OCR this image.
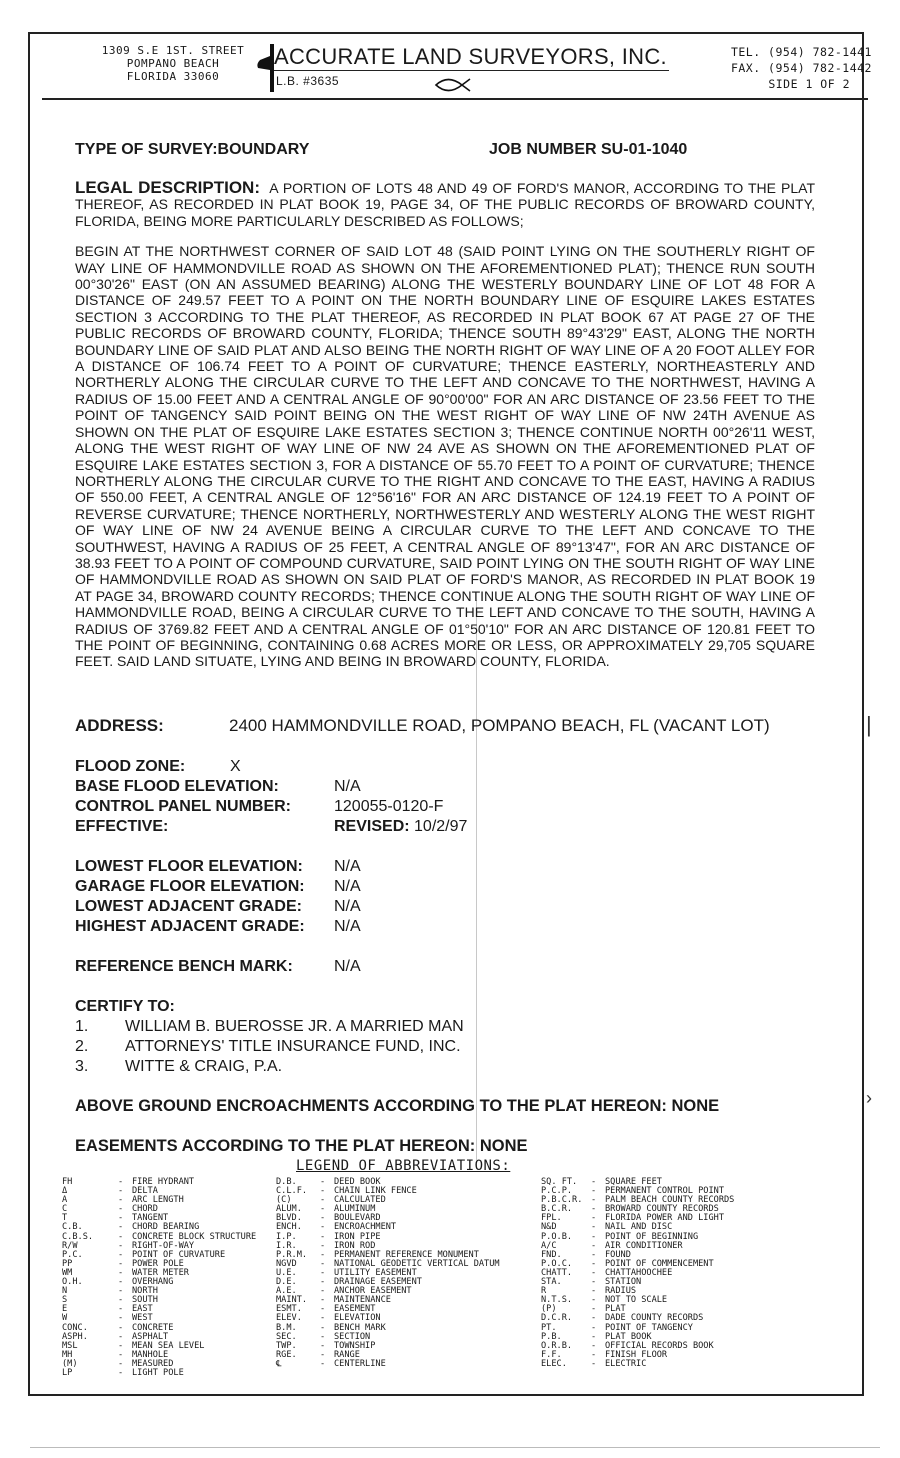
|
›
1309 S.E 1ST. STREET
POMPANO BEACH
FLORIDA 33060
ACCURATE LAND SURVEYORS, INC.
L.B. #3635
TEL. (954) 782-1441
FAX. (954) 782-1442
SIDE 1 OF 2
TYPE OF SURVEY:BOUNDARY	JOB NUMBER SU-01-1040

LEGAL DESCRIPTION: A PORTION OF LOTS 48 AND 49 OF FORD'S MANOR, ACCORDING TO THE PLAT THEREOF, AS RECORDED IN PLAT BOOK 19, PAGE 34, OF THE PUBLIC RECORDS OF BROWARD COUNTY, FLORIDA, BEING MORE PARTICULARLY DESCRIBED AS FOLLOWS;

BEGIN AT THE NORTHWEST CORNER OF SAID LOT 48 (SAID POINT LYING ON THE SOUTHERLY RIGHT OF WAY LINE OF HAMMONDVILLE ROAD AS SHOWN ON THE AFOREMENTIONED PLAT); THENCE RUN SOUTH 00°30'26" EAST (ON AN ASSUMED BEARING) ALONG THE WESTERLY BOUNDARY LINE OF LOT 48 FOR A DISTANCE OF 249.57 FEET TO A POINT ON THE NORTH BOUNDARY LINE OF ESQUIRE LAKES ESTATES SECTION 3 ACCORDING TO THE PLAT THEREOF, AS RECORDED IN PLAT BOOK 67 AT PAGE 27 OF THE PUBLIC RECORDS OF BROWARD COUNTY, FLORIDA; THENCE SOUTH 89°43'29" EAST, ALONG THE NORTH BOUNDARY LINE OF SAID PLAT AND ALSO BEING THE NORTH RIGHT OF WAY LINE OF A 20 FOOT ALLEY FOR A DISTANCE OF 106.74 FEET TO A POINT OF CURVATURE; THENCE EASTERLY, NORTHEASTERLY AND NORTHERLY ALONG THE CIRCULAR CURVE TO THE LEFT AND CONCAVE TO THE NORTHWEST, HAVING A RADIUS OF 15.00 FEET AND A CENTRAL ANGLE OF 90°00'00" FOR AN ARC DISTANCE OF 23.56 FEET TO THE POINT OF TANGENCY SAID POINT BEING ON THE WEST RIGHT OF WAY LINE OF NW 24TH AVENUE AS SHOWN ON THE PLAT OF ESQUIRE LAKE ESTATES SECTION 3; THENCE CONTINUE NORTH 00°26'11 WEST, ALONG THE WEST RIGHT OF WAY LINE OF NW 24 AVE AS SHOWN ON THE AFOREMENTIONED PLAT OF ESQUIRE LAKE ESTATES SECTION 3, FOR A DISTANCE OF 55.70 FEET TO A POINT OF CURVATURE; THENCE NORTHERLY ALONG THE CIRCULAR CURVE TO THE RIGHT AND CONCAVE TO THE EAST, HAVING A RADIUS OF 550.00 FEET, A CENTRAL ANGLE OF 12°56'16" FOR AN ARC DISTANCE OF 124.19 FEET TO A POINT OF REVERSE CURVATURE; THENCE NORTHERLY, NORTHWESTERLY AND WESTERLY ALONG THE WEST RIGHT OF WAY LINE OF NW 24 AVENUE BEING A CIRCULAR CURVE TO THE LEFT AND CONCAVE TO THE SOUTHWEST, HAVING A RADIUS OF 25 FEET, A CENTRAL ANGLE OF 89°13'47", FOR AN ARC DISTANCE OF 38.93 FEET TO A POINT OF COMPOUND CURVATURE, SAID POINT LYING ON THE SOUTH RIGHT OF WAY LINE OF HAMMONDVILLE ROAD AS SHOWN ON SAID PLAT OF FORD'S MANOR, AS RECORDED IN PLAT BOOK 19 AT PAGE 34, BROWARD COUNTY RECORDS; THENCE CONTINUE ALONG THE SOUTH RIGHT OF WAY LINE OF HAMMONDVILLE ROAD, BEING A CIRCULAR CURVE TO THE LEFT AND CONCAVE TO THE SOUTH, HAVING A RADIUS OF 3769.82 FEET AND A CENTRAL ANGLE OF 01°50'10" FOR AN ARC DISTANCE OF 120.81 FEET TO THE POINT OF BEGINNING, CONTAINING 0.68 ACRES MORE OR LESS, OR APPROXIMATELY 29,705 SQUARE FEET. SAID LAND SITUATE, LYING AND BEING IN BROWARD COUNTY, FLORIDA.

ADDRESS:	2400 HAMMONDVILLE ROAD, POMPANO BEACH, FL (VACANT LOT)
FLOOD ZONE:	X
BASE FLOOD ELEVATION:	N/A
CONTROL PANEL NUMBER:	120055-0120-F
EFFECTIVE:	REVISED: 10/2/97
LOWEST FLOOR ELEVATION: N/A
GARAGE FLOOR ELEVATION: N/A
LOWEST ADJACENT GRADE: N/A
HIGHEST ADJACENT GRADE: N/A
REFERENCE BENCH MARK:	N/A
CERTIFY TO:
1. WILLIAM B. BUEROSSE JR. A MARRIED MAN
2. ATTORNEYS' TITLE INSURANCE FUND, INC.
3. WITTE & CRAIG, P.A.
ABOVE GROUND ENCROACHMENTS ACCORDING TO THE PLAT HEREON: NONE
EASEMENTS ACCORDING TO THE PLAT HEREON: NONE
LEGEND OF ABBREVIATIONS:
FH	- FIRE HYDRANT
Δ	- DELTA
A	- ARC LENGTH
C	- CHORD
T	- TANGENT
C.B.	- CHORD BEARING
C.B.S.	- CONCRETE BLOCK STRUCTURE
R/W	- RIGHT-OF-WAY
P.C.	- POINT OF CURVATURE
PP	- POWER POLE
WM	- WATER METER
O.H.	- OVERHANG
N	- NORTH
S	- SOUTH
E	- EAST
W	- WEST
CONC.	- CONCRETE
ASPH.	- ASPHALT
MSL	- MEAN SEA LEVEL
MH	- MANHOLE
(M)	- MEASURED
LP	- LIGHT POLE
D.B.	- DEED BOOK
C.L.F. - CHAIN LINK FENCE
(C)	- CALCULATED
ALUM. - ALUMINUM
BLVD. - BOULEVARD
ENCH. - ENCROACHMENT
I.P.	- IRON PIPE
I.R.	- IRON ROD
P.R.M. - PERMANENT REFERENCE MONUMENT
NGVD	- NATIONAL GEODETIC VERTICAL DATUM
U.E.	- UTILITY EASEMENT
D.E.	- DRAINAGE EASEMENT
A.E.	- ANCHOR EASEMENT
MAINT. - MAINTENANCE
ESMT. - EASEMENT
ELEV. - ELEVATION
B.M.	- BENCH MARK
SEC.	- SECTION
TWP.	- TOWNSHIP
RGE.	- RANGE
℄	- CENTERLINE
SQ. FT. - SQUARE FEET
P.C.P. - PERMANENT CONTROL POINT
P.B.C.R. - PALM BEACH COUNTY RECORDS
B.C.R. - BROWARD COUNTY RECORDS
FPL.	- FLORIDA POWER AND LIGHT
N&D	- NAIL AND DISC
P.O.B. - POINT OF BEGINNING
A/C	- AIR CONDITIONER
FND.	- FOUND
P.O.C. - POINT OF COMMENCEMENT
CHATT. - CHATTAHOOCHEE
STA.	- STATION
R	- RADIUS
N.T.S. - NOT TO SCALE
(P)	- PLAT
D.C.R. - DADE COUNTY RECORDS
PT.	- POINT OF TANGENCY
P.B.	- PLAT BOOK
O.R.B. - OFFICIAL RECORDS BOOK
F.F.	- FINISH FLOOR
ELEC.	- ELECTRIC
